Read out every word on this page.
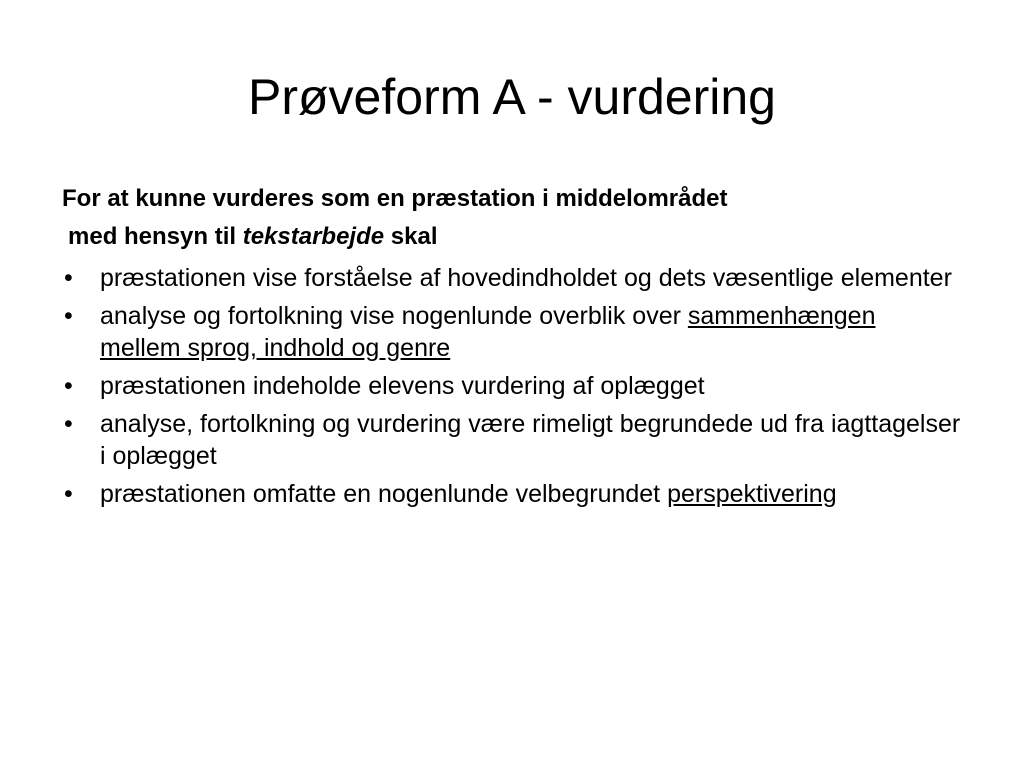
Prøveform A - vurdering
For at kunne vurderes som en præstation i middelområdet
med hensyn til tekstarbejde skal
•	præstationen vise forståelse af hovedindholdet og dets væsentlige elementer
•	analyse og fortolkning vise nogenlunde overblik over sammenhængen mellem sprog, indhold og genre
•	præstationen indeholde elevens vurdering af oplægget
•	analyse, fortolkning og vurdering være rimeligt begrundede ud fra iagttagelser i oplægget
•	præstationen omfatte en nogenlunde velbegrundet perspektivering
